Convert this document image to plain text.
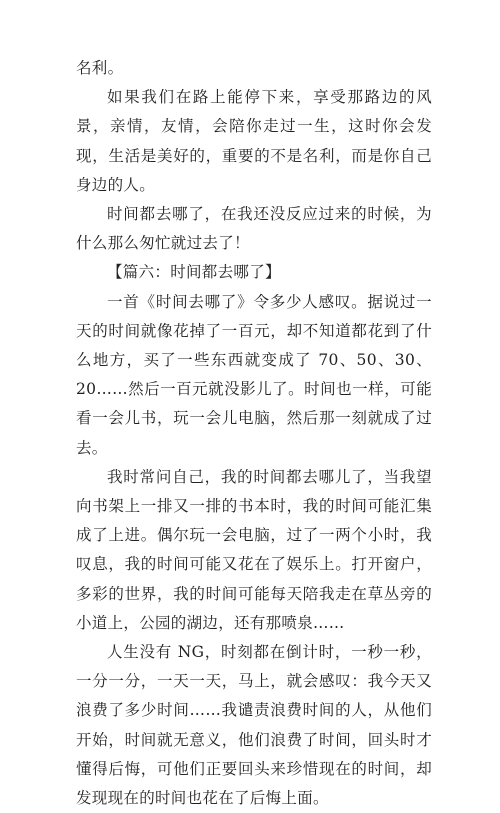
名利。

如果我们在路上能停下来，享受那路边的风景，亲情，友情，会陪你走过一生，这时你会发现，生活是美好的，重要的不是名利，而是你自己身边的人。

时间都去哪了，在我还没反应过来的时候，为什么那么匆忙就过去了！

【篇六：时间都去哪了】

一首《时间去哪了》令多少人感叹。据说过一天的时间就像花掉了一百元，却不知道都花到了什么地方，买了一些东西就变成了 70、50、30、20……然后一百元就没影儿了。时间也一样，可能看一会儿书，玩一会儿电脑，然后那一刻就成了过去。

我时常问自己，我的时间都去哪儿了，当我望向书架上一排又一排的书本时，我的时间可能汇集成了上进。偶尔玩一会电脑，过了一两个小时，我叹息，我的时间可能又花在了娱乐上。打开窗户，多彩的世界，我的时间可能每天陪我走在草丛旁的小道上，公园的湖边，还有那喷泉……

人生没有 NG，时刻都在倒计时，一秒一秒，一分一分，一天一天，马上，就会感叹：我今天又浪费了多少时间……我谴责浪费时间的人，从他们开始，时间就无意义，他们浪费了时间，回头时才懂得后悔，可他们正要回头来珍惜现在的时间，却发现现在的时间也花在了后悔上面。
